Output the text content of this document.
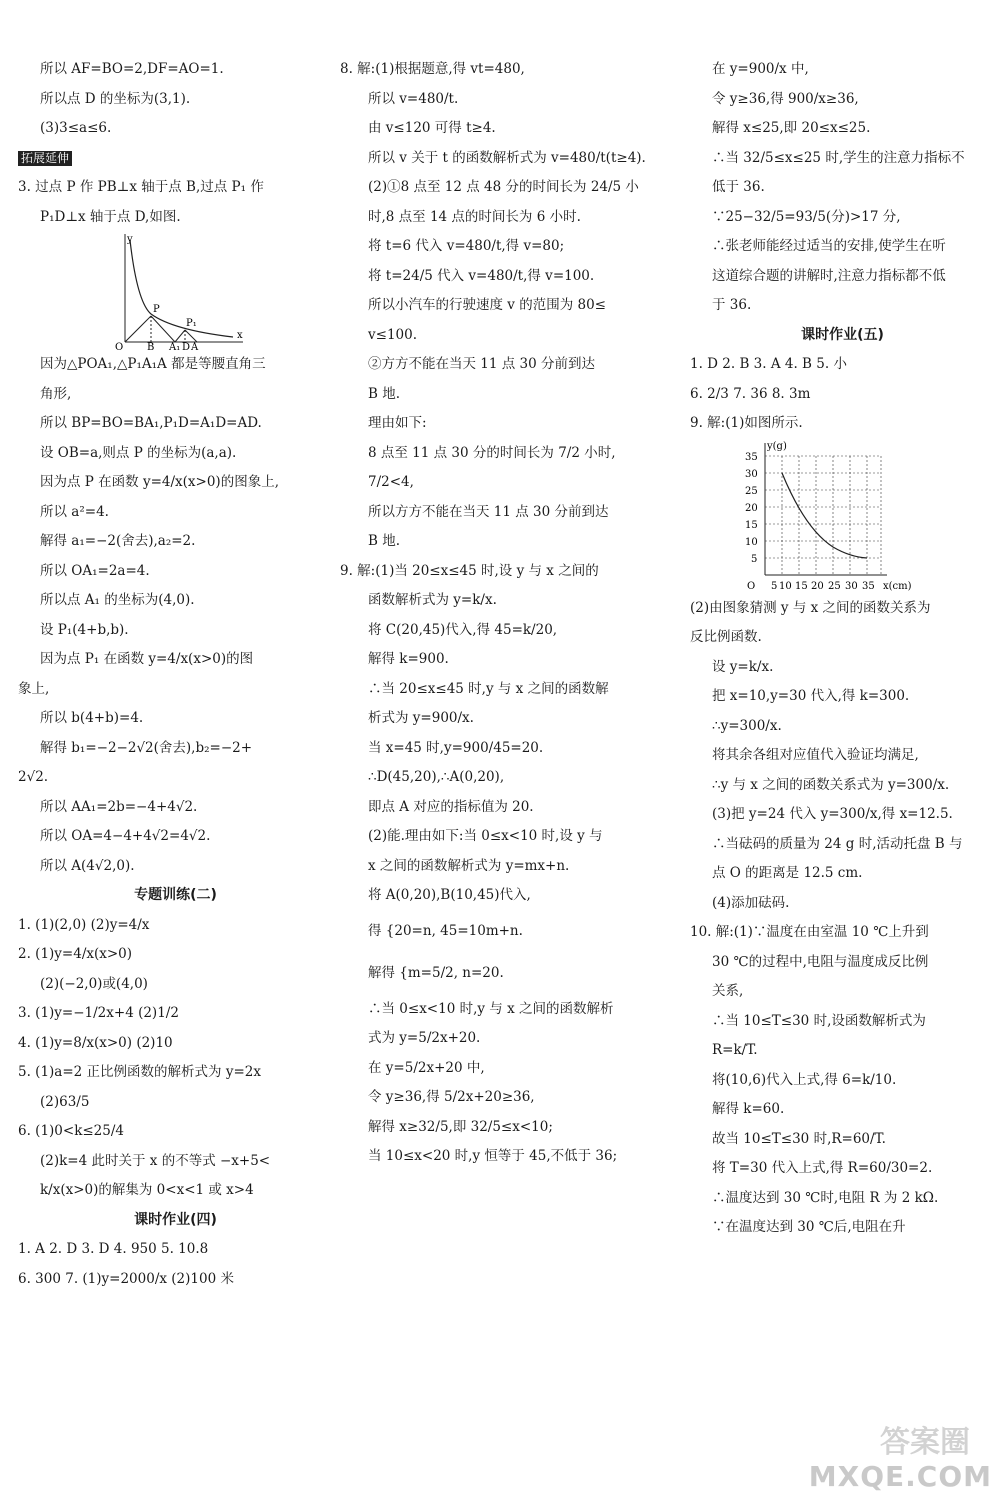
所以 AF=BO=2,DF=AO=1.
所以点 D 的坐标为(3,1).
(3)3≤a≤6.
拓展延伸
3. 过点 P 作 PB⊥x 轴于点 B,过点 P₁ 作
P₁D⊥x 轴于点 D,如图.
y
P
P₁
O B A₁ D A
x
因为△POA₁,△P₁A₁A 都是等腰直角三
角形,
所以 BP=BO=BA₁,P₁D=A₁D=AD.
设 OB=a,则点 P 的坐标为(a,a).
因为点 P 在函数 y=4/x(x>0)的图象上,
所以 a²=4.
解得 a₁=−2(舍去),a₂=2.
所以 OA₁=2a=4.
所以点 A₁ 的坐标为(4,0).
设 P₁(4+b,b).
因为点 P₁ 在函数 y=4/x(x>0)的图
象上,
所以 b(4+b)=4.
解得 b₁=−2−2√2(舍去),b₂=−2+
2√2.
所以 AA₁=2b=−4+4√2.
所以 OA=4−4+4√2=4√2.
所以 A(4√2,0).
专题训练(二)
1. (1)(2,0) (2)y=4/x
2. (1)y=4/x(x>0)
(2)(−2,0)或(4,0)
3. (1)y=−1/2x+4 (2)1/2
4. (1)y=8/x(x>0) (2)10
5. (1)a=2 正比例函数的解析式为 y=2x
(2)63/5
6. (1)0<k≤25/4
(2)k=4 此时关于 x 的不等式 −x+5<
k/x(x>0)的解集为 0<x<1 或 x>4
课时作业(四)
1. A 2. D 3. D 4. 950 5. 10.8
6. 300 7. (1)y=2000/x (2)100 米
8. 解:(1)根据题意,得 vt=480,
所以 v=480/t.
由 v≤120 可得 t≥4.
所以 v 关于 t 的函数解析式为 v=480/t(t≥4).
(2)①8 点至 12 点 48 分的时间长为 24/5 小
时,8 点至 14 点的时间长为 6 小时.
将 t=6 代入 v=480/t,得 v=80;
将 t=24/5 代入 v=480/t,得 v=100.
所以小汽车的行驶速度 v 的范围为 80≤
v≤100.
②方方不能在当天 11 点 30 分前到达
B 地.
理由如下:
8 点至 11 点 30 分的时间长为 7/2 小时,
7/2<4,
所以方方不能在当天 11 点 30 分前到达
B 地.
9. 解:(1)当 20≤x≤45 时,设 y 与 x 之间的
函数解析式为 y=k/x.
将 C(20,45)代入,得 45=k/20,
解得 k=900.
∴当 20≤x≤45 时,y 与 x 之间的函数解
析式为 y=900/x.
当 x=45 时,y=900/45=20.
∴D(45,20),∴A(0,20),
即点 A 对应的指标值为 20.
(2)能.理由如下:当 0≤x<10 时,设 y 与
x 之间的函数解析式为 y=mx+n.
将 A(0,20),B(10,45)代入,
得 {20=n, 45=10m+n.
解得 {m=5/2, n=20.
∴当 0≤x<10 时,y 与 x 之间的函数解析
式为 y=5/2x+20.
在 y=5/2x+20 中,
令 y≥36,得 5/2x+20≥36,
解得 x≥32/5,即 32/5≤x<10;
当 10≤x<20 时,y 恒等于 45,不低于 36;
在 y=900/x 中,
令 y≥36,得 900/x≥36,
解得 x≤25,即 20≤x≤25.
∴当 32/5≤x≤25 时,学生的注意力指标不
低于 36.
∵25−32/5=93/5(分)>17 分,
∴张老师能经过适当的安排,使学生在听
这道综合题的讲解时,注意力指标都不低
于 36.
课时作业(五)
1. D 2. B 3. A 4. B 5. 小
6. 2/3 7. 36 8. 3m
9. 解:(1)如图所示.
y(g)
35
30
25
20
15
10
5
O 5 10 15 20 25 30 35 x(cm)
(2)由图象猜测 y 与 x 之间的函数关系为
反比例函数.
设 y=k/x.
把 x=10,y=30 代入,得 k=300.
∴y=300/x.
将其余各组对应值代入验证均满足,
∴y 与 x 之间的函数关系式为 y=300/x.
(3)把 y=24 代入 y=300/x,得 x=12.5.
∴当砝码的质量为 24 g 时,活动托盘 B 与
点 O 的距离是 12.5 cm.
(4)添加砝码.
10. 解:(1)∵温度在由室温 10 ℃上升到
30 ℃的过程中,电阻与温度成反比例
关系,
∴当 10≤T≤30 时,设函数解析式为
R=k/T.
将(10,6)代入上式,得 6=k/10.
解得 k=60.
故当 10≤T≤30 时,R=60/T.
将 T=30 代入上式,得 R=60/30=2.
∴温度达到 30 ℃时,电阻 R 为 2 kΩ.
∵在温度达到 30 ℃后,电阻在升
答案圈
MXQE.COM
